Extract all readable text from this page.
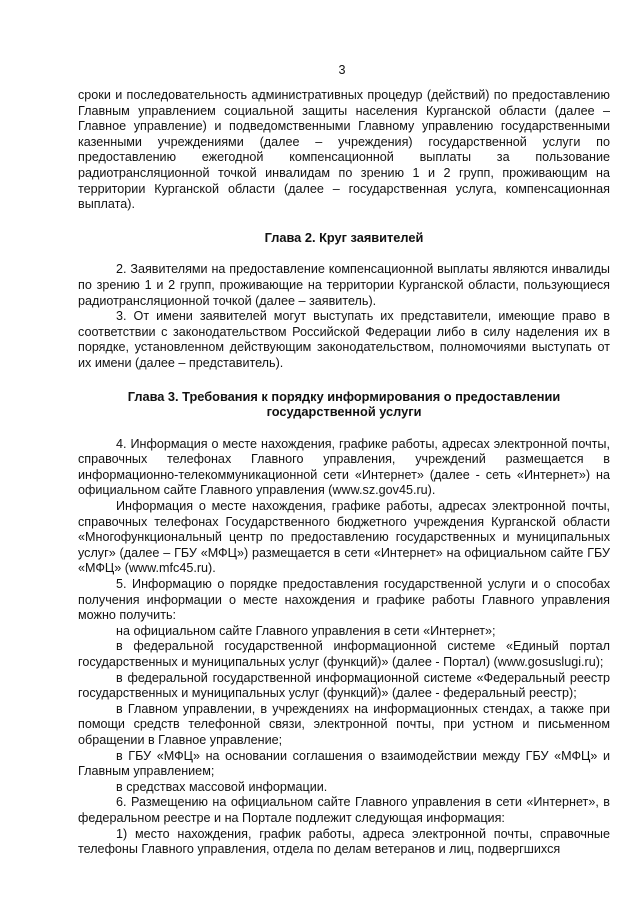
3

сроки и последовательность административных процедур (действий) по предоставлению Главным управлением социальной защиты населения Курганской области (далее – Главное управление) и подведомственными Главному управлению государственными казенными учреждениями (далее – учреждения) государственной услуги по предоставлению ежегодной компенсационной выплаты за пользование радиотрансляционной точкой инвалидам по зрению 1 и 2 групп, проживающим на территории Курганской области (далее – государственная услуга, компенсационная выплата).

Глава 2. Круг заявителей

2. Заявителями на предоставление компенсационной выплаты являются инвалиды по зрению 1 и 2 групп, проживающие на территории Курганской области, пользующиеся радиотрансляционной точкой (далее – заявитель).

3. От имени заявителей могут выступать их представители, имеющие право в соответствии с законодательством Российской Федерации либо в силу наделения их в порядке, установленном действующим законодательством, полномочиями выступать от их имени (далее – представитель).

Глава 3. Требования к порядку информирования о предоставлении

государственной услуги

4. Информация о месте нахождения, графике работы, адресах электронной почты, справочных телефонах Главного управления, учреждений размещается в информационно-телекоммуникационной сети «Интернет» (далее - сеть «Интернет») на официальном сайте Главного управления (www.sz.gov45.ru).

Информация о месте нахождения, графике работы, адресах электронной почты, справочных телефонах Государственного бюджетного учреждения Курганской области «Многофункциональный центр по предоставлению государственных и муниципальных услуг» (далее – ГБУ «МФЦ») размещается в сети «Интернет» на официальном сайте ГБУ «МФЦ» (www.mfc45.ru).

5. Информацию о порядке предоставления государственной услуги и о способах получения информации о месте нахождения и графике работы Главного управления можно получить:

на официальном сайте Главного управления в сети «Интернет»;

в федеральной государственной информационной системе «Единый портал государственных и муниципальных услуг (функций)» (далее - Портал) (www.gosuslugi.ru);

в федеральной государственной информационной системе «Федеральный реестр государственных и муниципальных услуг (функций)» (далее - федеральный реестр);

в Главном управлении, в учреждениях на информационных стендах, а также при помощи средств телефонной связи, электронной почты, при устном и письменном обращении в Главное управление;

в ГБУ «МФЦ» на основании соглашения о взаимодействии между ГБУ «МФЦ» и Главным управлением;

в средствах массовой информации.

6. Размещению на официальном сайте Главного управления в сети «Интернет», в федеральном реестре и на Портале подлежит следующая информация:

1) место нахождения, график работы, адреса электронной почты, справочные телефоны Главного управления, отдела по делам ветеранов и лиц, подвергшихся
